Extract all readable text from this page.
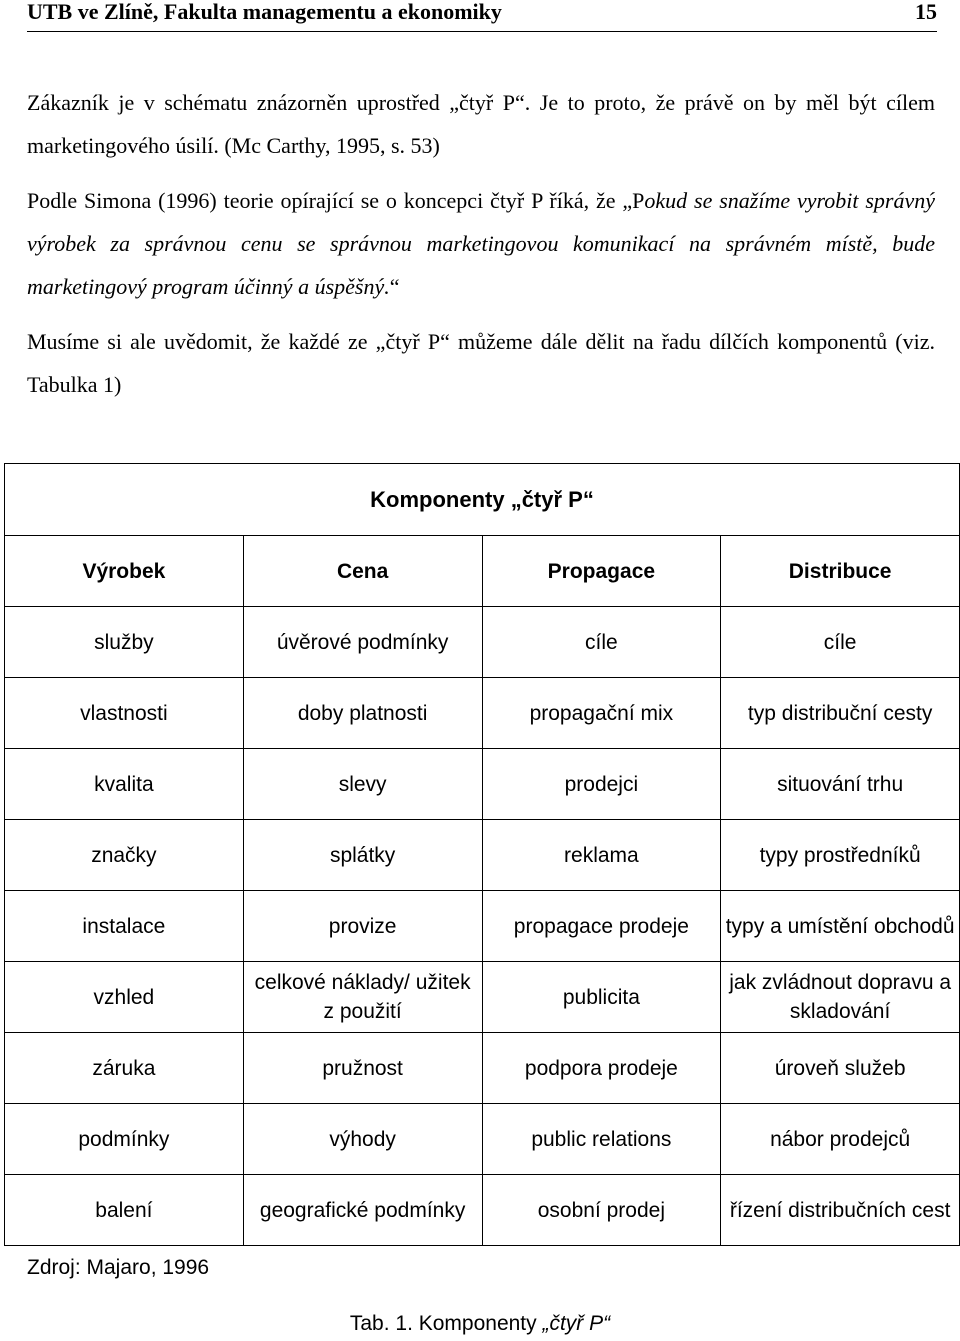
UTB ve Zlíně, Fakulta managementu a ekonomiky	15

Zákazník je v schématu znázorněn uprostřed „čtyř P“. Je to proto, že právě on by měl být cílem marketingového úsilí. (Mc Carthy, 1995, s. 53)

Podle Simona (1996) teorie opírající se o koncepci čtyř P říká, že „Pokud se snažíme vyrobit správný výrobek za správnou cenu se správnou marketingovou komunikací na správném místě, bude marketingový program účinný a úspěšný.“

Musíme si ale uvědomit, že každé ze „čtyř P“ můžeme dále dělit na řadu dílčích komponentů (viz. Tabulka 1)

Komponenty „čtyř P“			
Výrobek	Cena	Propagace	Distribuce
služby	úvěrové podmínky	cíle	cíle
vlastnosti	doby platnosti	propagační mix	typ distribuční cesty
kvalita	slevy	prodejci	situování trhu
značky	splátky	reklama	typy prostředníků
instalace	provize	propagace prodeje	typy a umístění obchodů
vzhled	celkové náklady/ užitek z použití	publicita	jak zvládnout dopravu a skladování
záruka	pružnost	podpora prodeje	úroveň služeb
podmínky	výhody	public relations	nábor prodejců
balení	geografické podmínky	osobní prodej	řízení distribučních cest
Zdroj: Majaro, 1996
Tab. 1. Komponenty „čtyř P“
